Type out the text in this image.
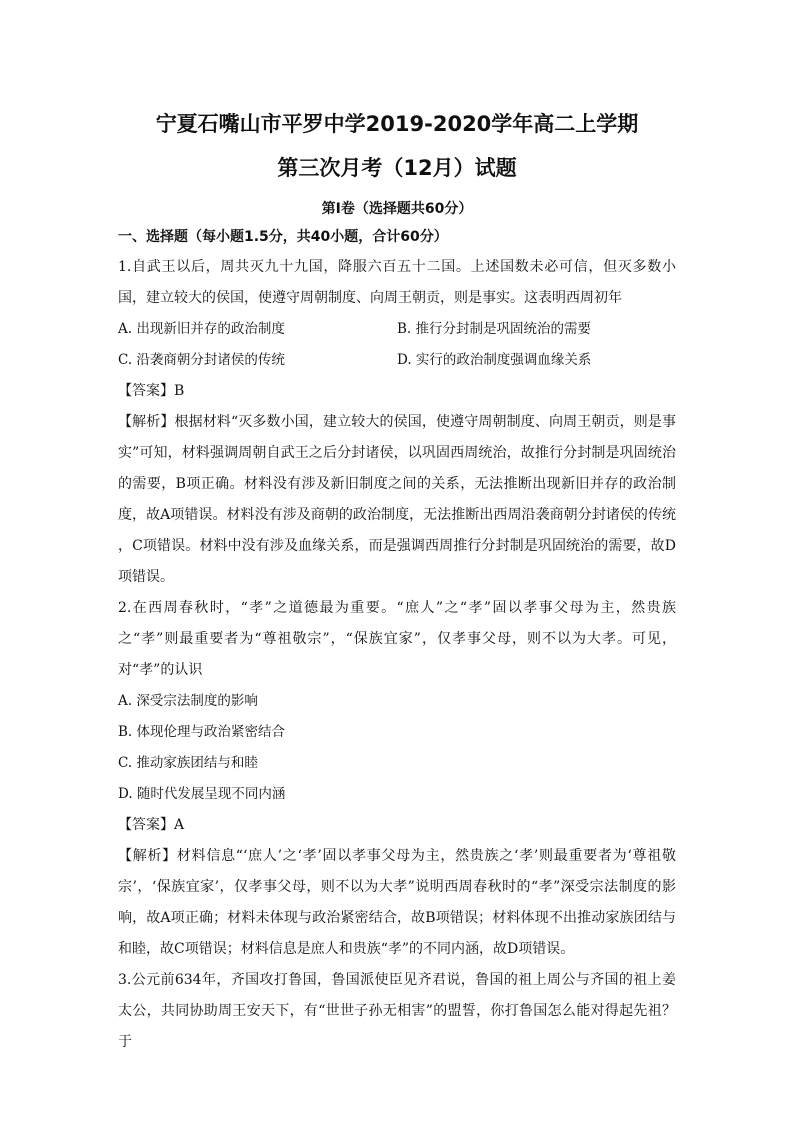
宁夏石嘴山市平罗中学2019-2020学年高二上学期
第三次月考（12月）试题
第Ⅰ卷（选择题共60分）
一、选择题（每小题1.5分，共40小题，合计60分）

1.自武王以后，周共灭九十九国，降服六百五十二国。上述国数未必可信，但灭多数小国，建立较大的侯国，使遵守周朝制度、向周王朝贡，则是事实。这表明西周初年

A. 出现新旧并存的政治制度	B. 推行分封制是巩固统治的需要
C. 沿袭商朝分封诸侯的传统	D. 实行的政治制度强调血缘关系
【答案】B

【解析】根据材料“灭多数小国，建立较大的侯国，使遵守周朝制度、向周王朝贡，则是事实”可知，材料强调周朝自武王之后分封诸侯，以巩固西周统治，故推行分封制是巩固统治的需要，B项正确。材料没有涉及新旧制度之间的关系，无法推断出现新旧并存的政治制度，故A项错误。材料没有涉及商朝的政治制度，无法推断出西周沿袭商朝分封诸侯的传统 ，C项错误。材料中没有涉及血缘关系，而是强调西周推行分封制是巩固统治的需要，故D项错误。

2.在西周春秋时，“孝”之道德最为重要。“庶人”之“孝”固以孝事父母为主，然贵族之“孝”则最重要者为“尊祖敬宗”，“保族宜家”，仅孝事父母，则不以为大孝。可见，对“孝”的认识

A. 深受宗法制度的影响
B. 体现伦理与政治紧密结合
C. 推动家族团结与和睦
D. 随时代发展呈现不同内涵
【答案】A

【解析】材料信息“‘庶人’之‘孝’固以孝事父母为主，然贵族之‘孝’则最重要者为‘尊祖敬宗’，‘保族宜家’，仅孝事父母，则不以为大孝”说明西周春秋时的“孝”深受宗法制度的影响，故A项正确；材料未体现与政治紧密结合，故B项错误；材料体现不出推动家族团结与和睦，故C项错误；材料信息是庶人和贵族“孝”的不同内涵，故D项错误。

3.公元前634年，齐国攻打鲁国，鲁国派使臣见齐君说，鲁国的祖上周公与齐国的祖上姜太公，共同协助周王安天下，有“世世子孙无相害”的盟誓，你打鲁国怎么能对得起先祖？于
